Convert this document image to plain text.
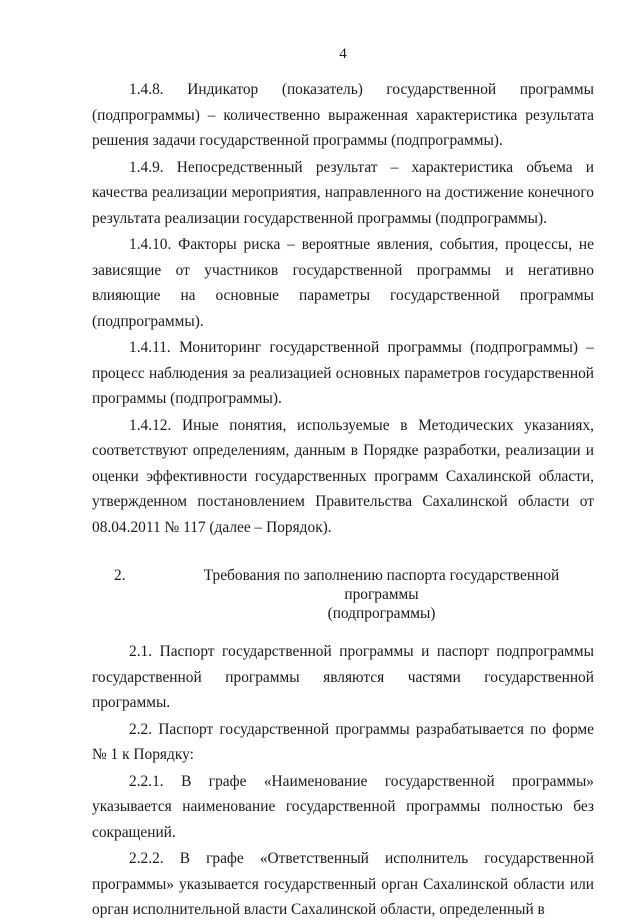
4

1.4.8. Индикатор (показатель) государственной программы (подпрограммы) – количественно выраженная характеристика результата решения задачи государственной программы (подпрограммы).

1.4.9. Непосредственный результат – характеристика объема и качества реализации мероприятия, направленного на достижение конечного результата реализации государственной программы (подпрограммы).

1.4.10. Факторы риска – вероятные явления, события, процессы, не зависящие от участников государственной программы и негативно влияющие на основные параметры государственной программы (подпрограммы).

1.4.11. Мониторинг государственной программы (подпрограммы) – процесс наблюдения за реализацией основных параметров государственной программы (подпрограммы).

1.4.12. Иные понятия, используемые в Методических указаниях, соответствуют определениям, данным в Порядке разработки, реализации и оценки эффективности государственных программ Сахалинской области, утвержденном постановлением Правительства Сахалинской области от 08.04.2011 № 117 (далее – Порядок).

2.	Требования по заполнению паспорта государственной программы
(подпрограммы)

2.1. Паспорт государственной программы и паспорт подпрограммы государственной программы являются частями государственной программы.

2.2. Паспорт государственной программы разрабатывается по форме № 1 к Порядку:

2.2.1. В графе «Наименование государственной программы» указывается наименование государственной программы полностью без сокращений.

2.2.2. В графе «Ответственный исполнитель государственной программы» указывается государственный орган Сахалинской области или орган исполнительной власти Сахалинской области, определенный в
